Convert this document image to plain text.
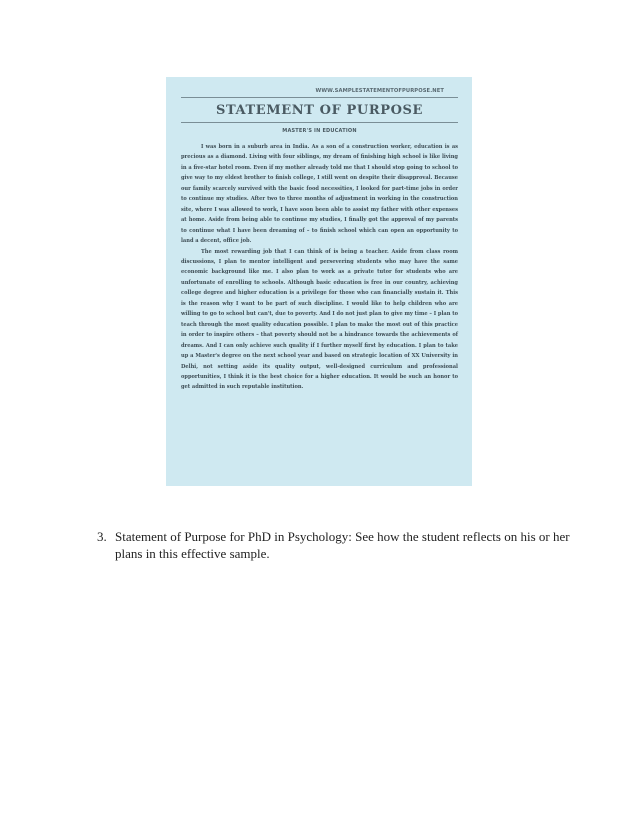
WWW.SAMPLESTATEMENTOFPURPOSE.NET
STATEMENT OF PURPOSE
MASTER'S IN EDUCATION

I was born in a suburb area in India. As a son of a construction worker, education is as precious as a diamond. Living with four siblings, my dream of finishing high school is like living in a five-star hotel room. Even if my mother already told me that I should stop going to school to give way to my eldest brother to finish college, I still went on despite their disapproval. Because our family scarcely survived with the basic food necessities, I looked for part-time jobs in order to continue my studies. After two to three months of adjustment in working in the construction site, where I was allowed to work, I have soon been able to assist my father with other expenses at home. Aside from being able to continue my studies, I finally got the approval of my parents to continue what I have been dreaming of – to finish school which can open an opportunity to land a decent, office job.

The most rewarding job that I can think of is being a teacher. Aside from class room discussions, I plan to mentor intelligent and persevering students who may have the same economic background like me. I also plan to work as a private tutor for students who are unfortunate of enrolling to schools. Although basic education is free in our country, achieving college degree and higher education is a privilege for those who can financially sustain it. This is the reason why I want to be part of such discipline. I would like to help children who are willing to go to school but can't, due to poverty. And I do not just plan to give my time – I plan to teach through the most quality education possible. I plan to make the most out of this practice in order to inspire others – that poverty should not be a hindrance towards the achievements of dreams. And I can only achieve such quality if I further myself first by education. I plan to take up a Master's degree on the next school year and based on strategic location of XX University in Delhi, not setting aside its quality output, well-designed curriculum and professional opportunities, I think it is the best choice for a higher education. It would be such an honor to get admitted in such reputable institution.

3. Statement of Purpose for PhD in Psychology: See how the student reflects on his or her plans in this effective sample.
